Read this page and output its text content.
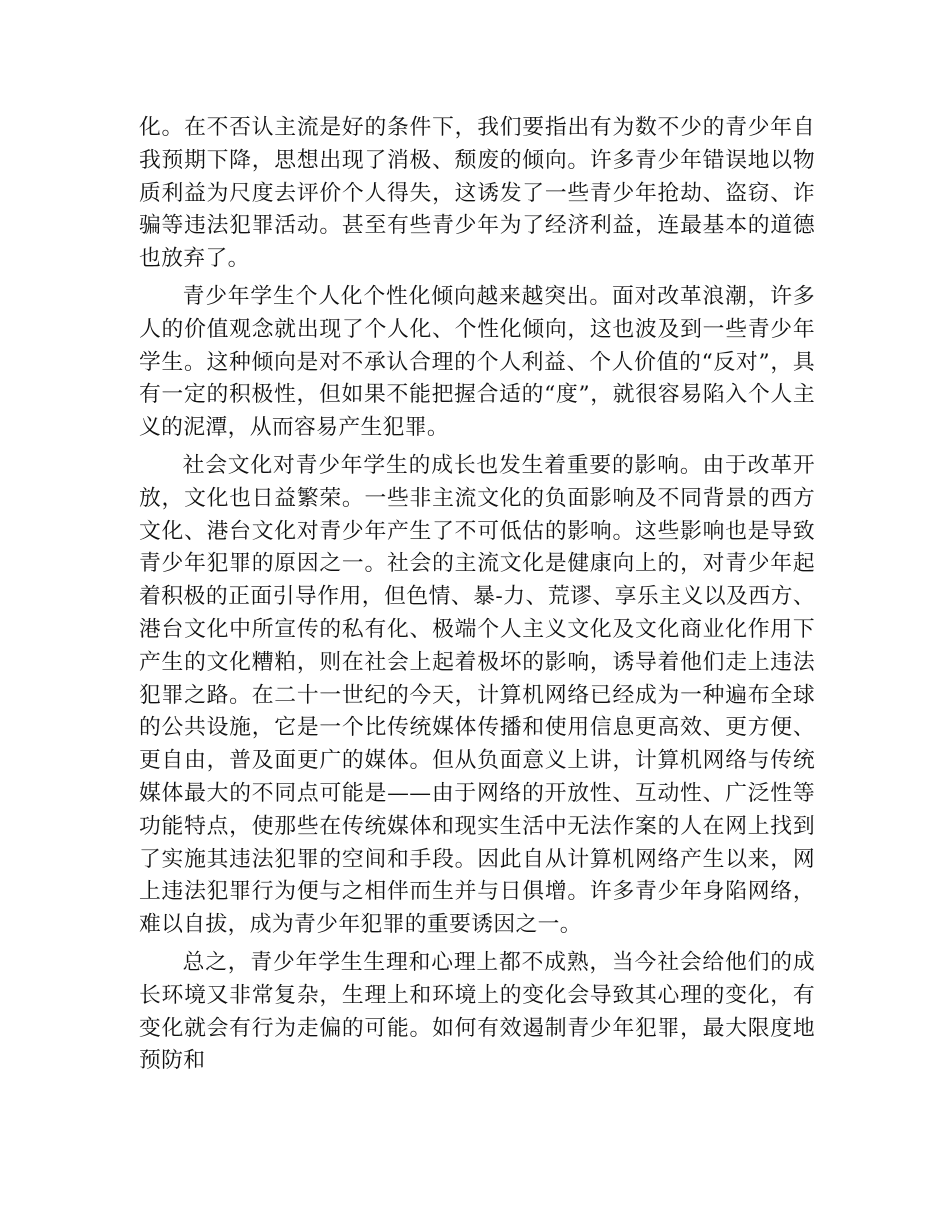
化。在不否认主流是好的条件下，我们要指出有为数不少的青少年自我预期下降，思想出现了消极、颓废的倾向。许多青少年错误地以物质利益为尺度去评价个人得失，这诱发了一些青少年抢劫、盗窃、诈骗等违法犯罪活动。甚至有些青少年为了经济利益，连最基本的道德也放弃了。

青少年学生个人化个性化倾向越来越突出。面对改革浪潮，许多人的价值观念就出现了个人化、个性化倾向，这也波及到一些青少年学生。这种倾向是对不承认合理的个人利益、个人价值的“反对”，具有一定的积极性，但如果不能把握合适的“度”，就很容易陷入个人主义的泥潭，从而容易产生犯罪。

社会文化对青少年学生的成长也发生着重要的影响。由于改革开放，文化也日益繁荣。一些非主流文化的负面影响及不同背景的西方文化、港台文化对青少年产生了不可低估的影响。这些影响也是导致青少年犯罪的原因之一。社会的主流文化是健康向上的，对青少年起着积极的正面引导作用，但色情、暴-力、荒谬、享乐主义以及西方、港台文化中所宣传的私有化、极端个人主义文化及文化商业化作用下产生的文化糟粕，则在社会上起着极坏的影响，诱导着他们走上违法犯罪之路。在二十一世纪的今天，计算机网络已经成为一种遍布全球的公共设施，它是一个比传统媒体传播和使用信息更高效、更方便、更自由，普及面更广的媒体。但从负面意义上讲，计算机网络与传统媒体最大的不同点可能是——由于网络的开放性、互动性、广泛性等功能特点，使那些在传统媒体和现实生活中无法作案的人在网上找到了实施其违法犯罪的空间和手段。因此自从计算机网络产生以来，网上违法犯罪行为便与之相伴而生并与日俱增。许多青少年身陷网络，难以自拔，成为青少年犯罪的重要诱因之一。

总之，青少年学生生理和心理上都不成熟，当今社会给他们的成长环境又非常复杂，生理上和环境上的变化会导致其心理的变化，有变化就会有行为走偏的可能。如何有效遏制青少年犯罪，最大限度地预防和
